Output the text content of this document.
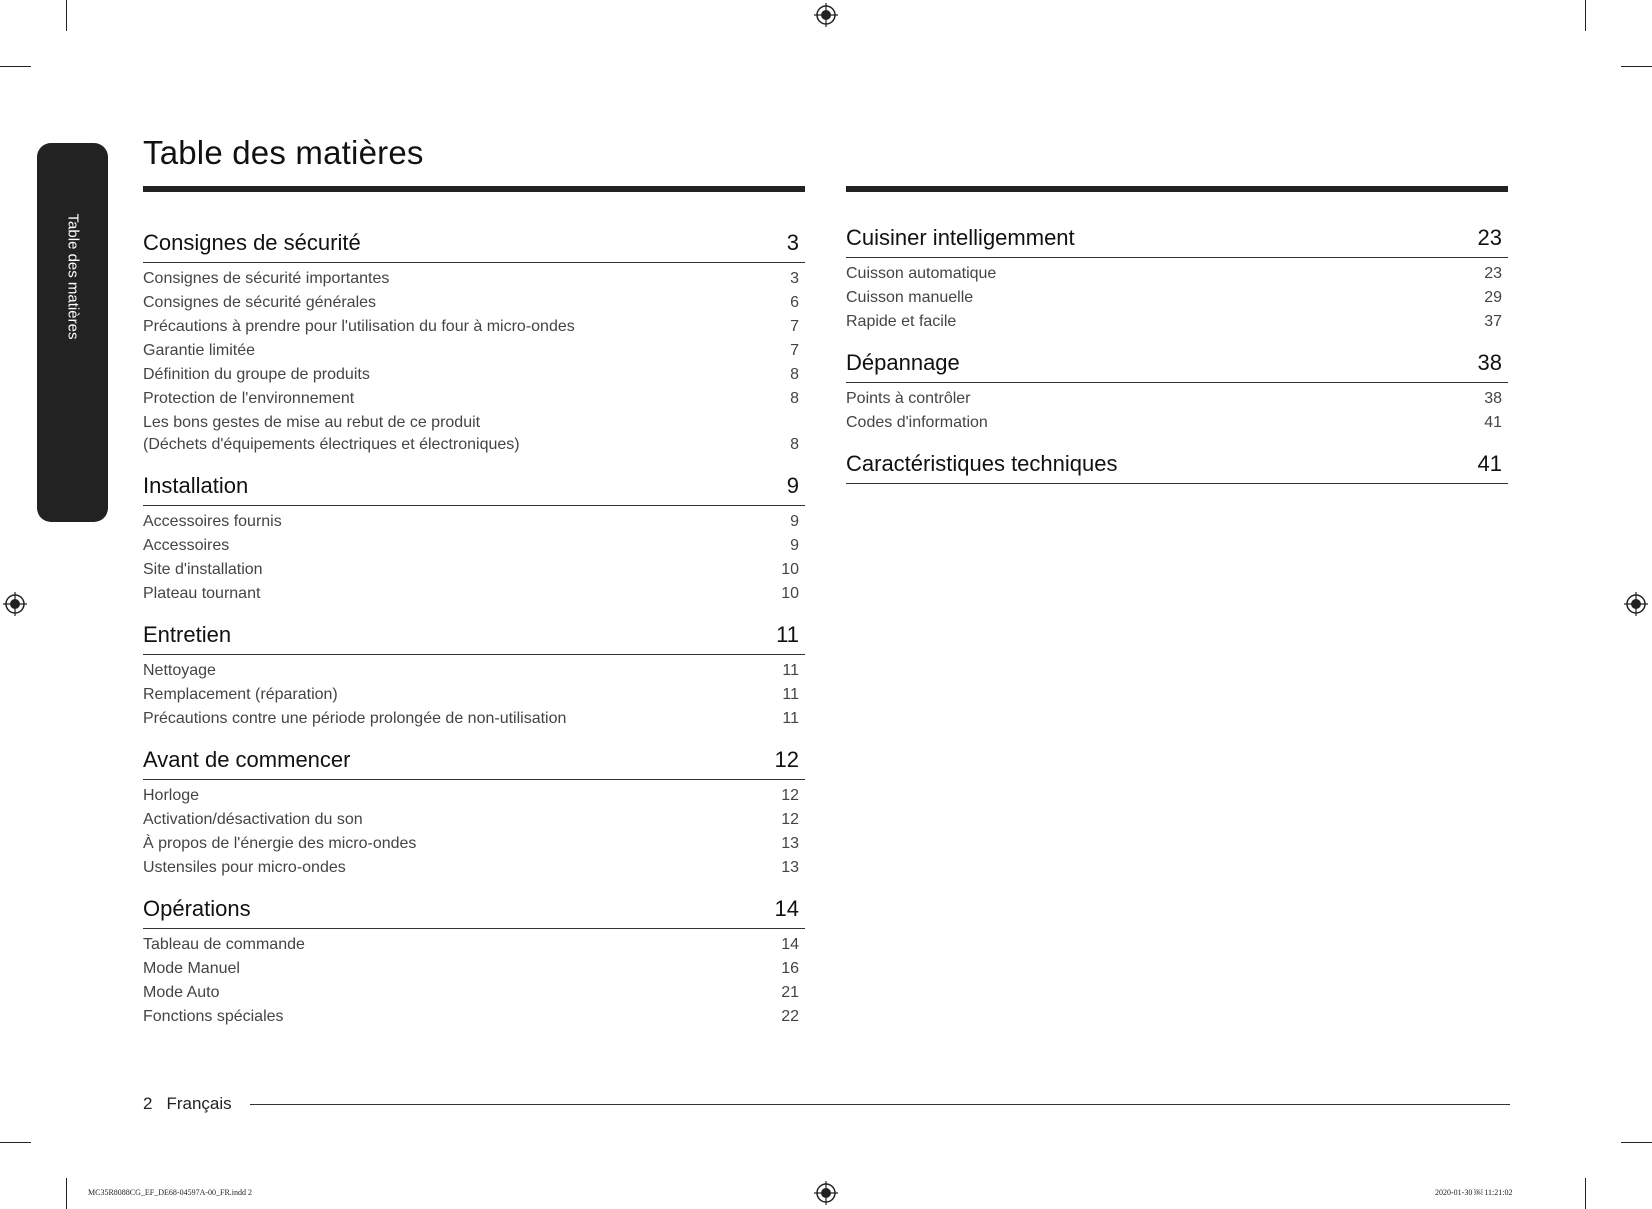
Table des matières
Table des matières
Consignes de sécurité	3
Consignes de sécurité importantes	3
Consignes de sécurité générales	6
Précautions à prendre pour l'utilisation du four à micro-ondes	7
Garantie limitée	7
Définition du groupe de produits	8
Protection de l'environnement	8
Les bons gestes de mise au rebut de ce produit
(Déchets d'équipements électriques et électroniques)	8
Installation	9
Accessoires fournis	9
Accessoires	9
Site d'installation	10
Plateau tournant	10
Entretien	11
Nettoyage	11
Remplacement (réparation)	11
Précautions contre une période prolongée de non-utilisation	11
Avant de commencer	12
Horloge	12
Activation/désactivation du son	12
À propos de l'énergie des micro-ondes	13
Ustensiles pour micro-ondes	13
Opérations	14
Tableau de commande	14
Mode Manuel	16
Mode Auto	21
Fonctions spéciales	22
Cuisiner intelligemment	23
Cuisson automatique	23
Cuisson manuelle	29
Rapide et facile	37
Dépannage	38
Points à contrôler	38
Codes d'information	41
Caractéristiques techniques	41
2 Français
MC35R8088CG_EF_DE68-04597A-00_FR.indd 2	2020-01-30 ￼ 11:21:02
